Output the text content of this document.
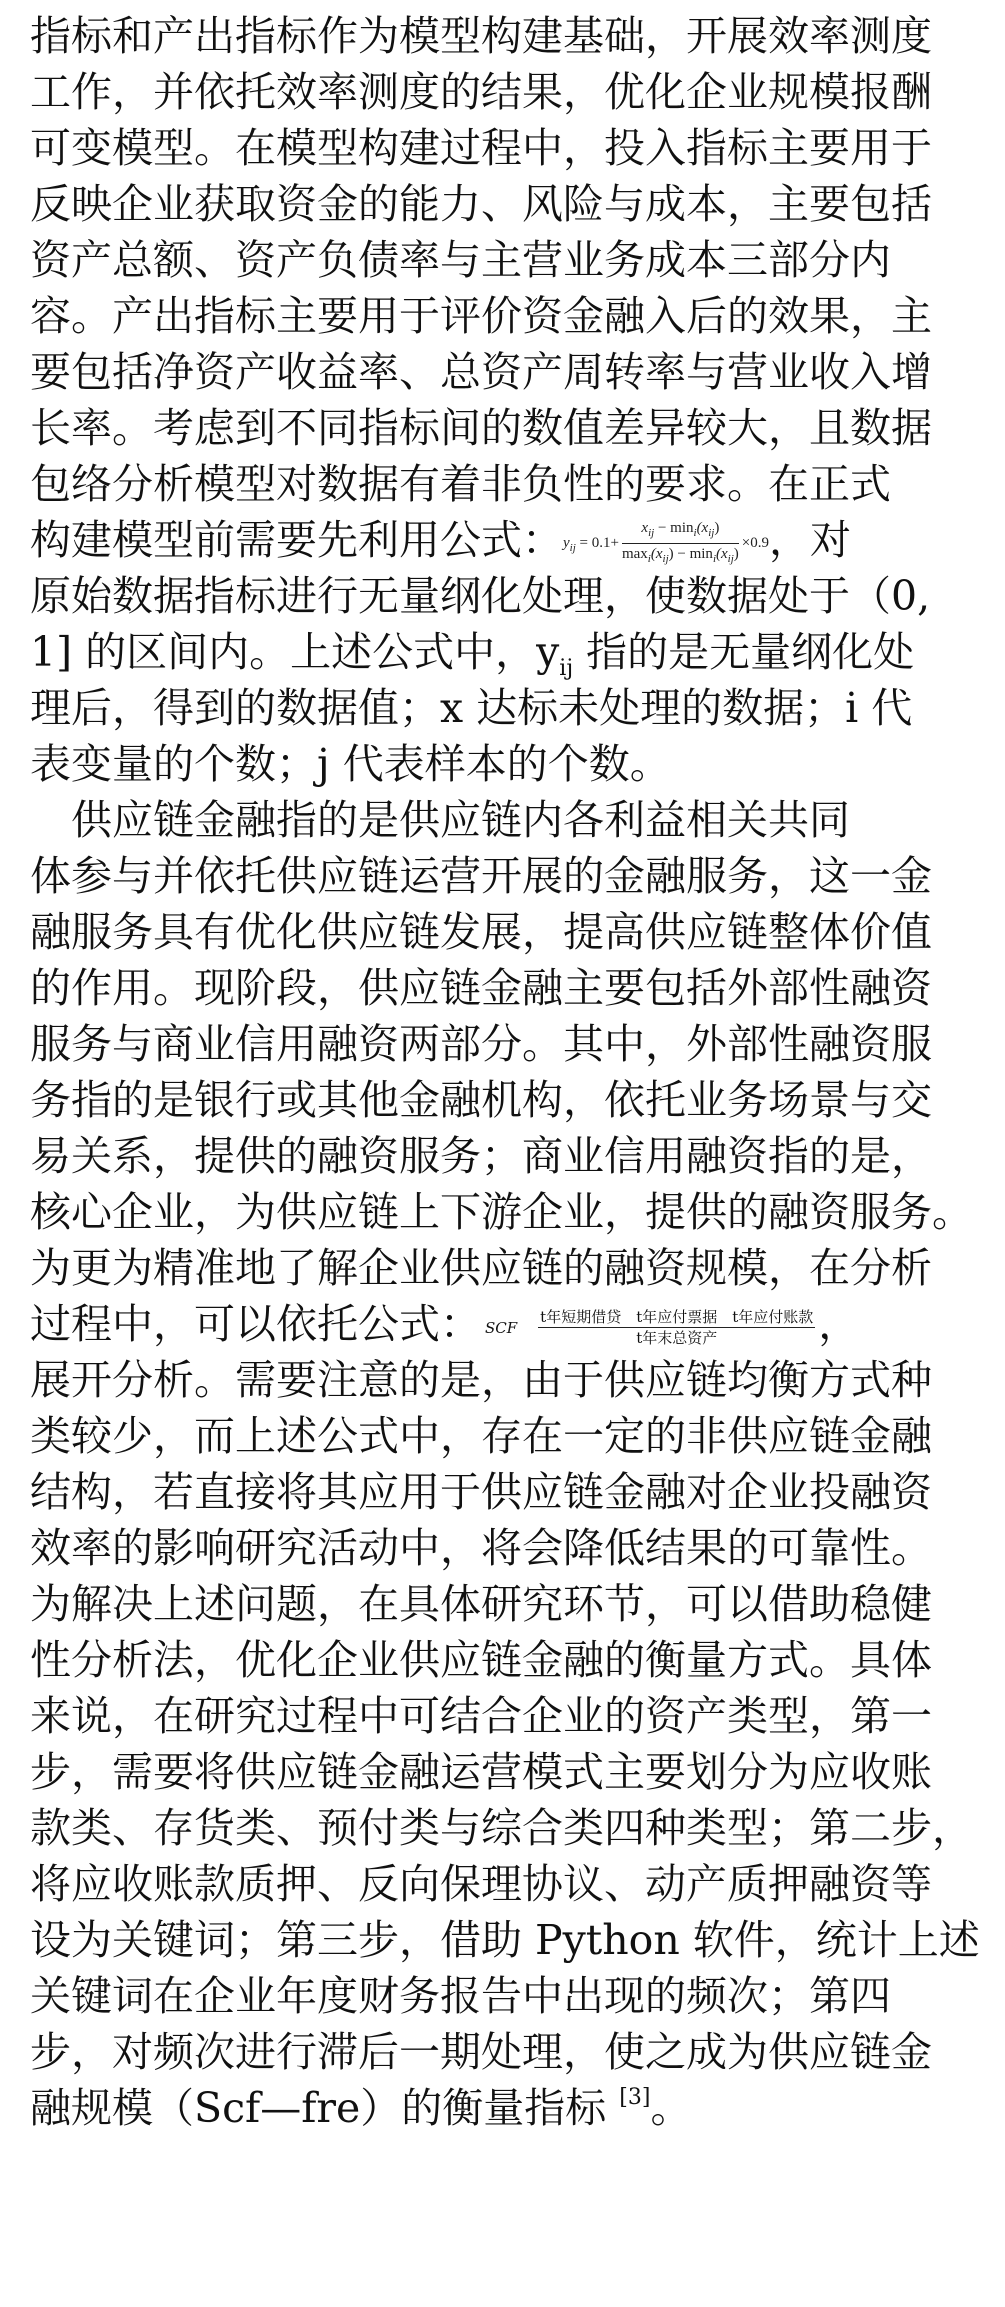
指标和产出指标作为模型构建基础，开展效率测度
工作，并依托效率测度的结果，优化企业规模报酬
可变模型。在模型构建过程中，投入指标主要用于
反映企业获取资金的能力、风险与成本，主要包括
资产总额、资产负债率与主营业务成本三部分内
容。产出指标主要用于评价资金融入后的效果，主
要包括净资产收益率、总资产周转率与营业收入增
长率。考虑到不同指标间的数值差异较大，且数据
包络分析模型对数据有着非负性的要求。在正式
构建模型前需要先利用公式：$y_{ij} = 0.1+ \frac{x_{ij} - \min_i(x_{ij})}{\max_i(x_{ij}) - \min_i(x_{ij})} \times 0.9$，对
原始数据指标进行无量纲化处理，使数据处于（0,
1] 的区间内。上述公式中，$y_{ij}$ 指的是无量纲化处
理后，得到的数据值；x 达标未处理的数据；i 代
表变量的个数；j 代表样本的个数。
　供应链金融指的是供应链内各利益相关共同
体参与并依托供应链运营开展的金融服务，这一金
融服务具有优化供应链发展，提高供应链整体价值
的作用。现阶段，供应链金融主要包括外部性融资
服务与商业信用融资两部分。其中，外部性融资服
务指的是银行或其他金融机构，依托业务场景与交
易关系，提供的融资服务；商业信用融资指的是，
核心企业，为供应链上下游企业，提供的融资服务。
为更为精准地了解企业供应链的融资规模，在分析
过程中，可以依托公式： SCF $\frac{\text{t年短期借贷　t年应付票据　t年应付账款}}{\text{t年末总资产}}$ ，
展开分析。需要注意的是，由于供应链均衡方式种
类较少，而上述公式中，存在一定的非供应链金融
结构，若直接将其应用于供应链金融对企业投融资
效率的影响研究活动中，将会降低结果的可靠性。
为解决上述问题，在具体研究环节，可以借助稳健
性分析法，优化企业供应链金融的衡量方式。具体
来说，在研究过程中可结合企业的资产类型，第一
步，需要将供应链金融运营模式主要划分为应收账
款类、存货类、预付类与综合类四种类型；第二步，
将应收账款质押、反向保理协议、动产质押融资等
设为关键词；第三步，借助 Python 软件，统计上述
关键词在企业年度财务报告中出现的频次；第四
步，对频次进行滞后一期处理，使之成为供应链金
融规模（Scf—fre）的衡量指标 [3]。
